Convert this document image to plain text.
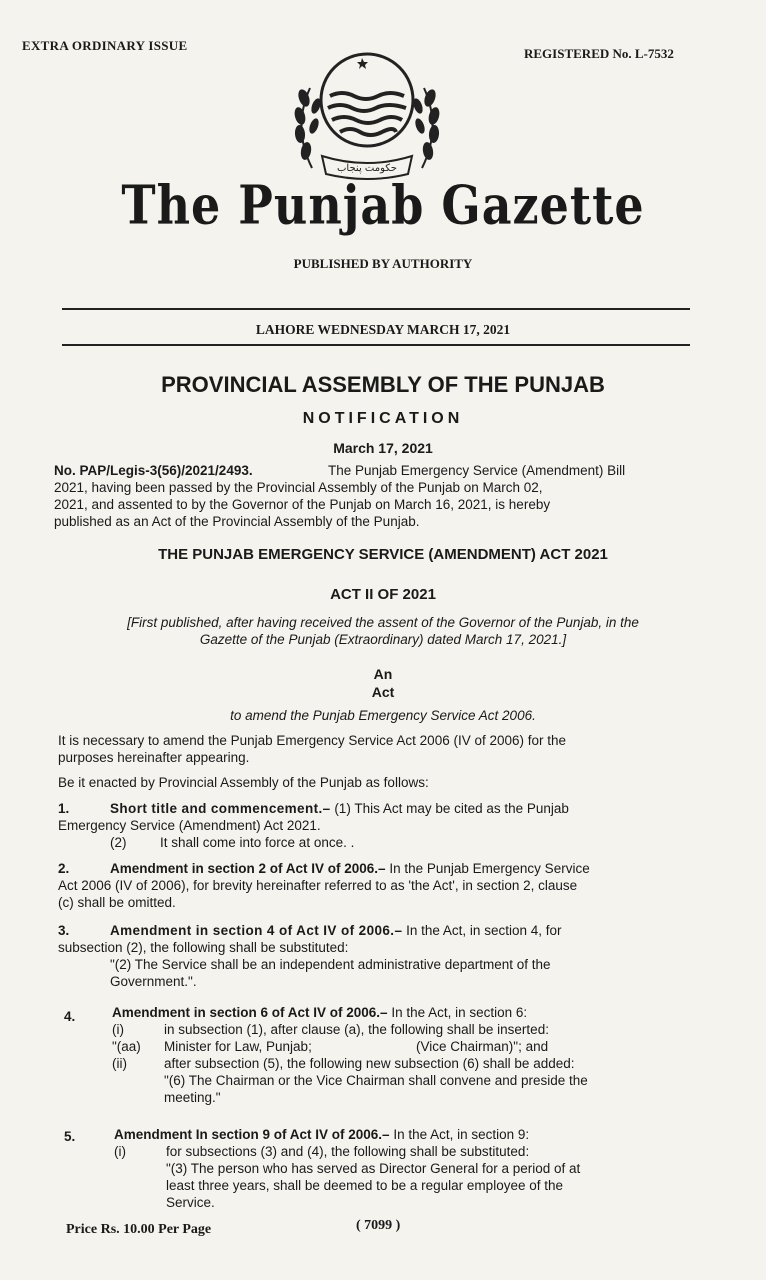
EXTRA ORDINARY ISSUE
REGISTERED No. L-7532
حکومت پنجاب
The Punjab Gazette
PUBLISHED BY AUTHORITY
LAHORE WEDNESDAY MARCH 17, 2021
PROVINCIAL ASSEMBLY OF THE PUNJAB
NOTIFICATION
March 17, 2021
No. PAP/Legis-3(56)/2021/2493.	The Punjab Emergency Service (Amendment) Bill
2021, having been passed by the Provincial Assembly of the Punjab on March 02,
2021, and assented to by the Governor of the Punjab on March 16, 2021, is hereby
published as an Act of the Provincial Assembly of the Punjab.
THE PUNJAB EMERGENCY SERVICE (AMENDMENT) ACT 2021
ACT II OF 2021
[First published, after having received the assent of the Governor of the Punjab, in the
Gazette of the Punjab (Extraordinary) dated March 17, 2021.]
An
Act
to amend the Punjab Emergency Service Act 2006.
It is necessary to amend the Punjab Emergency Service Act 2006 (IV of 2006) for the
purposes hereinafter appearing.
Be it enacted by Provincial Assembly of the Punjab as follows:
1.	Short title and commencement.– (1) This Act may be cited as the Punjab
Emergency Service (Amendment) Act 2021.
(2) It shall come into force at once. .
2.	Amendment in section 2 of Act IV of 2006.– In the Punjab Emergency Service
Act 2006 (IV of 2006), for brevity hereinafter referred to as 'the Act', in section 2, clause
(c) shall be omitted.
3.	Amendment in section 4 of Act IV of 2006.– In the Act, in section 4, for
subsection (2), the following shall be substituted:
"(2) The Service shall be an independent administrative department of the
Government.".
4.	Amendment in section 6 of Act IV of 2006.– In the Act, in section 6:
(i)	in subsection (1), after clause (a), the following shall be inserted:
"(aa) Minister for Law, Punjab;	(Vice Chairman)"; and
(ii)	after subsection (5), the following new subsection (6) shall be added:
"(6) The Chairman or the Vice Chairman shall convene and preside the
meeting."
5.	Amendment In section 9 of Act IV of 2006.– In the Act, in section 9:
(i)	for subsections (3) and (4), the following shall be substituted:
"(3) The person who has served as Director General for a period of at
least three years, shall be deemed to be a regular employee of the
Service.
Price Rs. 10.00 Per Page	( 7099 )
